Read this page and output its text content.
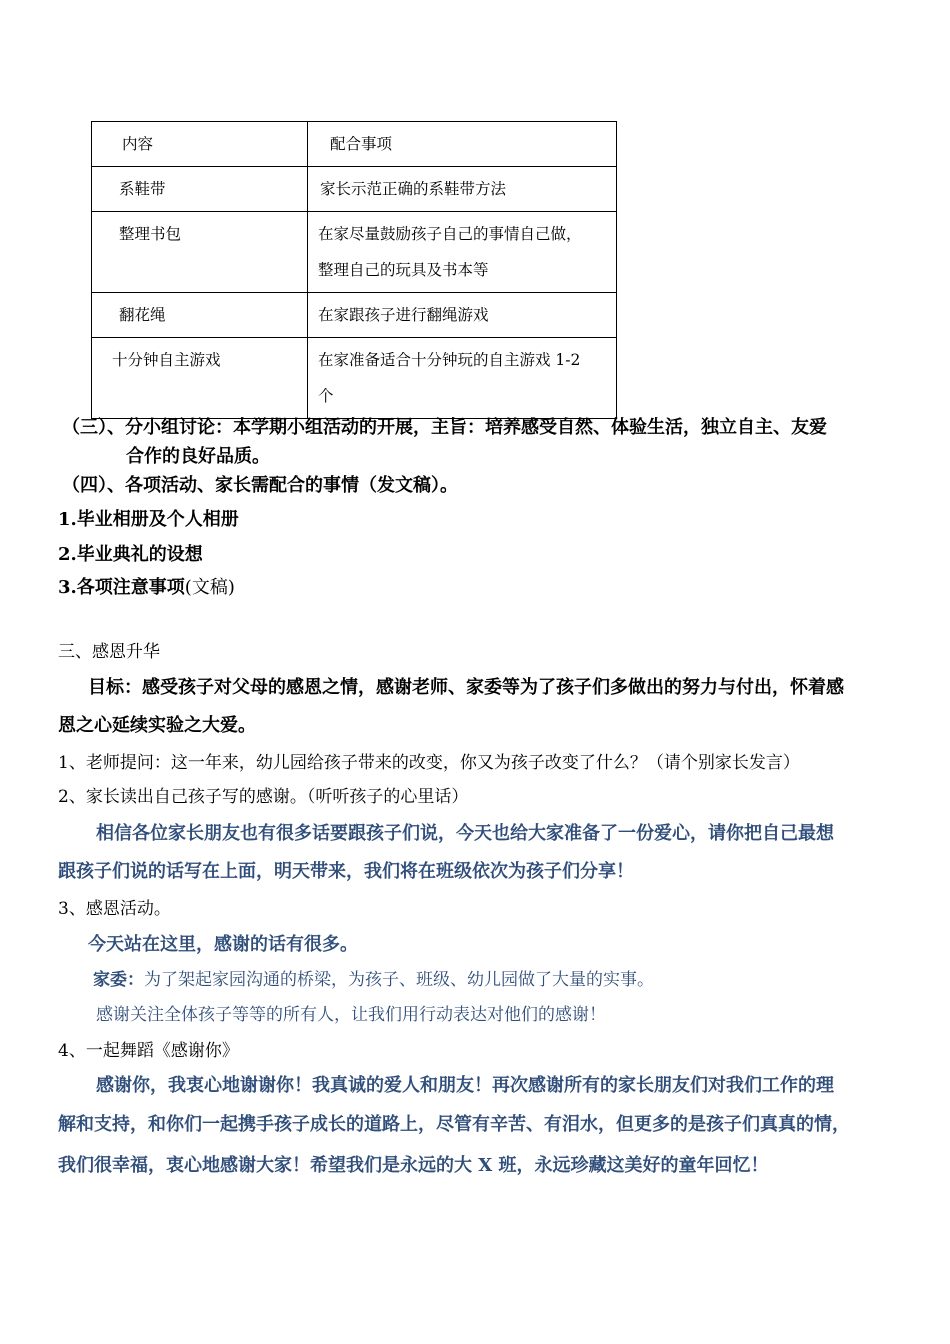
内容	配合事项

系鞋带	家长示范正确的系鞋带方法

整理书包	在家尽量鼓励孩子自己的事情自己做，
整理自己的玩具及书本等

翻花绳	在家跟孩子进行翻绳游戏

十分钟自主游戏	在家准备适合十分钟玩的自主游戏 1-2
个
（三）、分小组讨论：本学期小组活动的开展，主旨：培养感受自然、体验生活，独立自主、友爱
合作的良好品质。
（四）、各项活动、家长需配合的事情（发文稿）。
1.毕业相册及个人相册
2.毕业典礼的设想
3.各项注意事项(文稿)
三、感恩升华
目标：感受孩子对父母的感恩之情，感谢老师、家委等为了孩子们多做出的努力与付出，怀着感
恩之心延续实验之大爱。
1、老师提问：这一年来，幼儿园给孩子带来的改变，你又为孩子改变了什么？（请个别家长发言）
2、家长读出自己孩子写的感谢。（听听孩子的心里话）
相信各位家长朋友也有很多话要跟孩子们说，今天也给大家准备了一份爱心，请你把自己最想
跟孩子们说的话写在上面，明天带来，我们将在班级依次为孩子们分享！
3、感恩活动。
今天站在这里，感谢的话有很多。
家委：为了架起家园沟通的桥梁，为孩子、班级、幼儿园做了大量的实事。
感谢关注全体孩子等等的所有人，让我们用行动表达对他们的感谢！
4、一起舞蹈《感谢你》
感谢你，我衷心地谢谢你！我真诚的爱人和朋友！再次感谢所有的家长朋友们对我们工作的理
解和支持，和你们一起携手孩子成长的道路上，尽管有辛苦、有泪水，但更多的是孩子们真真的情，
我们很幸福，衷心地感谢大家！希望我们是永远的大 X 班，永远珍藏这美好的童年回忆！
